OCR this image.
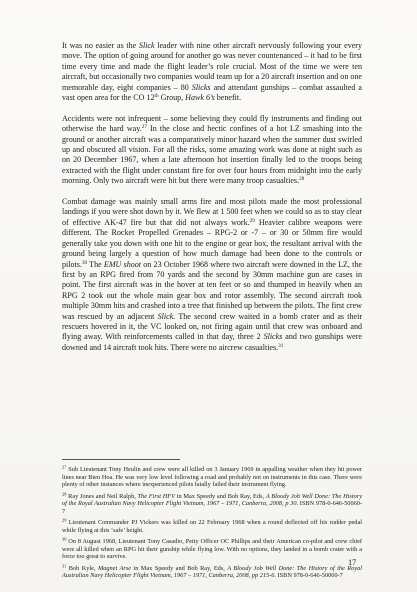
It was no easier as the Slick leader with nine other aircraft nervously following your every move. The option of going around for another go was never countenanced – it had to be first time every time and made the flight leader’s role crucial. Most of the time we were ten aircraft, but occasionally two companies would team up for a 20 aircraft insertion and on one memorable day, eight companies – 80 Slicks and attendant gunships – combat assaulted a vast open area for the CO 12th Group, Hawk 6’s benefit.

Accidents were not infrequent – some believing they could fly instruments and finding out otherwise the hard way.$^{27}$ In the close and hectic confines of a hot LZ smashing into the ground or another aircraft was a comparatively minor hazard when the summer dust swirled up and obscured all vision. For all the risks, some amazing work was done at night such as on 20 December 1967, when a late afternoon hot insertion finally led to the troops being extracted with the flight under constant fire for over four hours from midnight into the early morning. Only two aircraft were hit but there were many troop casualties.$^{28}$

Combat damage was mainly small arms fire and most pilots made the most professional landings if you were shot down by it. We flew at 1 500 feet when we could so as to stay clear of effective AK-47 fire but that did not always work.$^{29}$ Heavier calibre weapons were different. The Rocket Propelled Grenades – RPG-2 or -7 – or 30 or 50mm fire would generally take you down with one hit to the engine or gear box, the resultant arrival with the ground being largely a question of how much damage had been done to the controls or pilots.$^{30}$ The EMU shoot on 23 October 1968 where two aircraft were downed in the LZ, the first by an RPG fired from 70 yards and the second by 30mm machine gun are cases in point. The first aircraft was in the hover at ten feet or so and thumped in heavily when an RPG 2 took out the whole main gear box and rotor assembly. The second aircraft took multiple 30mm hits and crashed into a tree that finished up between the pilots. The first crew was rescued by an adjacent Slick. The second crew waited in a bomb crater and as their rescuers hovered in it, the VC looked on, not firing again until that crew was onboard and flying away. With reinforcements called in that day, three 2 Slicks and two gunships were downed and 14 aircraft took hits. There were no aircrew casualties.$^{31}$

$^{27}$ Sub Lieutenant Tony Heulin and crew were all killed on 3 January 1969 in appalling weather when they hit power lines near Bien Hoa. He was very low level following a road and probably not on instruments in this case. There were plenty of other instances where inexperienced pilots fatally failed their instrument flying.

$^{28}$ Ray Jones and Neil Ralph, The First HFV in Max Speedy and Bob Ray, Eds, A Bloody Job Well Done: The History of the Royal Australian Navy Helicopter Flight Vietnam, 1967 – 1971, Canberra, 2008, p 30. ISBN 978-0-646-50060-7

$^{29}$ Lieutenant Commander PJ Vickers was killed on 22 February 1968 when a round deflected off his rudder pedal while flying at this ‘safe’ height.

$^{30}$ On 8 August 1968, Lieutenant Tony Casadio, Petty Officer OC Phillips and their American co-pilot and crew chief were all killed when an RPG hit their gunship while flying low. With no options, they landed in a bomb crater with a force too great to survive.

$^{31}$ Bob Kyle, Magnet Arse in Max Speedy and Bob Ray, Eds, A Bloody Job Well Done: The History of the Royal Australian Navy Helicopter Flight Vietnam, 1967 – 1971, Canberra, 2008, pp 215-6. ISBN 978-0-646-50060-7

17
